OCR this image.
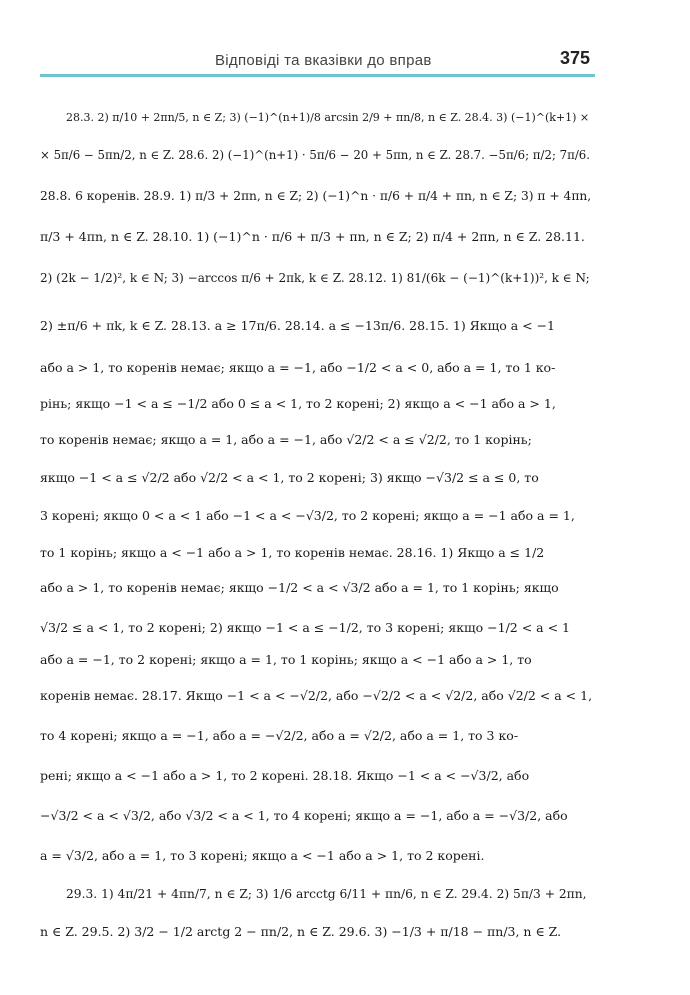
Відповіді та вказівки до вправ	375
28.3. 2) π/10 + 2πn/5, n ∈ Z; 3) (−1)^(n+1)/8 arcsin 2/9 + πn/8, n ∈ Z. 28.4. 3) (−1)^(k+1) ×
× 5π/6 − 5πn/2, n ∈ Z. 28.6. 2) (−1)^(n+1) · 5π/6 − 20 + 5πn, n ∈ Z. 28.7. −5π/6; π/2; 7π/6.
28.8. 6 коренів. 28.9. 1) π/3 + 2πn, n ∈ Z; 2) (−1)^n · π/6 + π/4 + πn, n ∈ Z; 3) π + 4πn,
π/3 + 4πn, n ∈ Z. 28.10. 1) (−1)^n · π/6 + π/3 + πn, n ∈ Z; 2) π/4 + 2πn, n ∈ Z. 28.11.
2) (2k − 1/2)², k ∈ N; 3) −arccos π/6 + 2πk, k ∈ Z. 28.12. 1) 81/(6k − (−1)^(k+1))², k ∈ N;
2) ±π/6 + πk, k ∈ Z. 28.13. a ≥ 17π/6. 28.14. a ≤ −13π/6. 28.15. 1) Якщо a < −1
або a > 1, то коренів немає; якщо a = −1, або −1/2 < a < 0, або a = 1, то 1 ко-
рінь; якщо −1 < a ≤ −1/2 або 0 ≤ a < 1, то 2 корені; 2) якщо a < −1 або a > 1,
то коренів немає; якщо a = 1, або a = −1, або √2/2 < a ≤ √2/2, то 1 корінь;
якщо −1 < a ≤ √2/2 або √2/2 < a < 1, то 2 корені; 3) якщо −√3/2 ≤ a ≤ 0, то
3 корені; якщо 0 < a < 1 або −1 < a < −√3/2, то 2 корені; якщо a = −1 або a = 1,
то 1 корінь; якщо a < −1 або a > 1, то коренів немає. 28.16. 1) Якщо a ≤ 1/2
або a > 1, то коренів немає; якщо −1/2 < a < √3/2 або a = 1, то 1 корінь; якщо
√3/2 ≤ a < 1, то 2 корені; 2) якщо −1 < a ≤ −1/2, то 3 корені; якщо −1/2 < a < 1
або a = −1, то 2 корені; якщо a = 1, то 1 корінь; якщо a < −1 або a > 1, то
коренів немає. 28.17. Якщо −1 < a < −√2/2, або −√2/2 < a < √2/2, або √2/2 < a < 1,
то 4 корені; якщо a = −1, або a = −√2/2, або a = √2/2, або a = 1, то 3 ко-
рені; якщо a < −1 або a > 1, то 2 корені. 28.18. Якщо −1 < a < −√3/2, або
−√3/2 < a < √3/2, або √3/2 < a < 1, то 4 корені; якщо a = −1, або a = −√3/2, або
a = √3/2, або a = 1, то 3 корені; якщо a < −1 або a > 1, то 2 корені.
29.3. 1) 4π/21 + 4πn/7, n ∈ Z; 3) 1/6 arcctg 6/11 + πn/6, n ∈ Z. 29.4. 2) 5π/3 + 2πn,
n ∈ Z. 29.5. 2) 3/2 − 1/2 arctg 2 − πn/2, n ∈ Z. 29.6. 3) −1/3 + π/18 − πn/3, n ∈ Z.
